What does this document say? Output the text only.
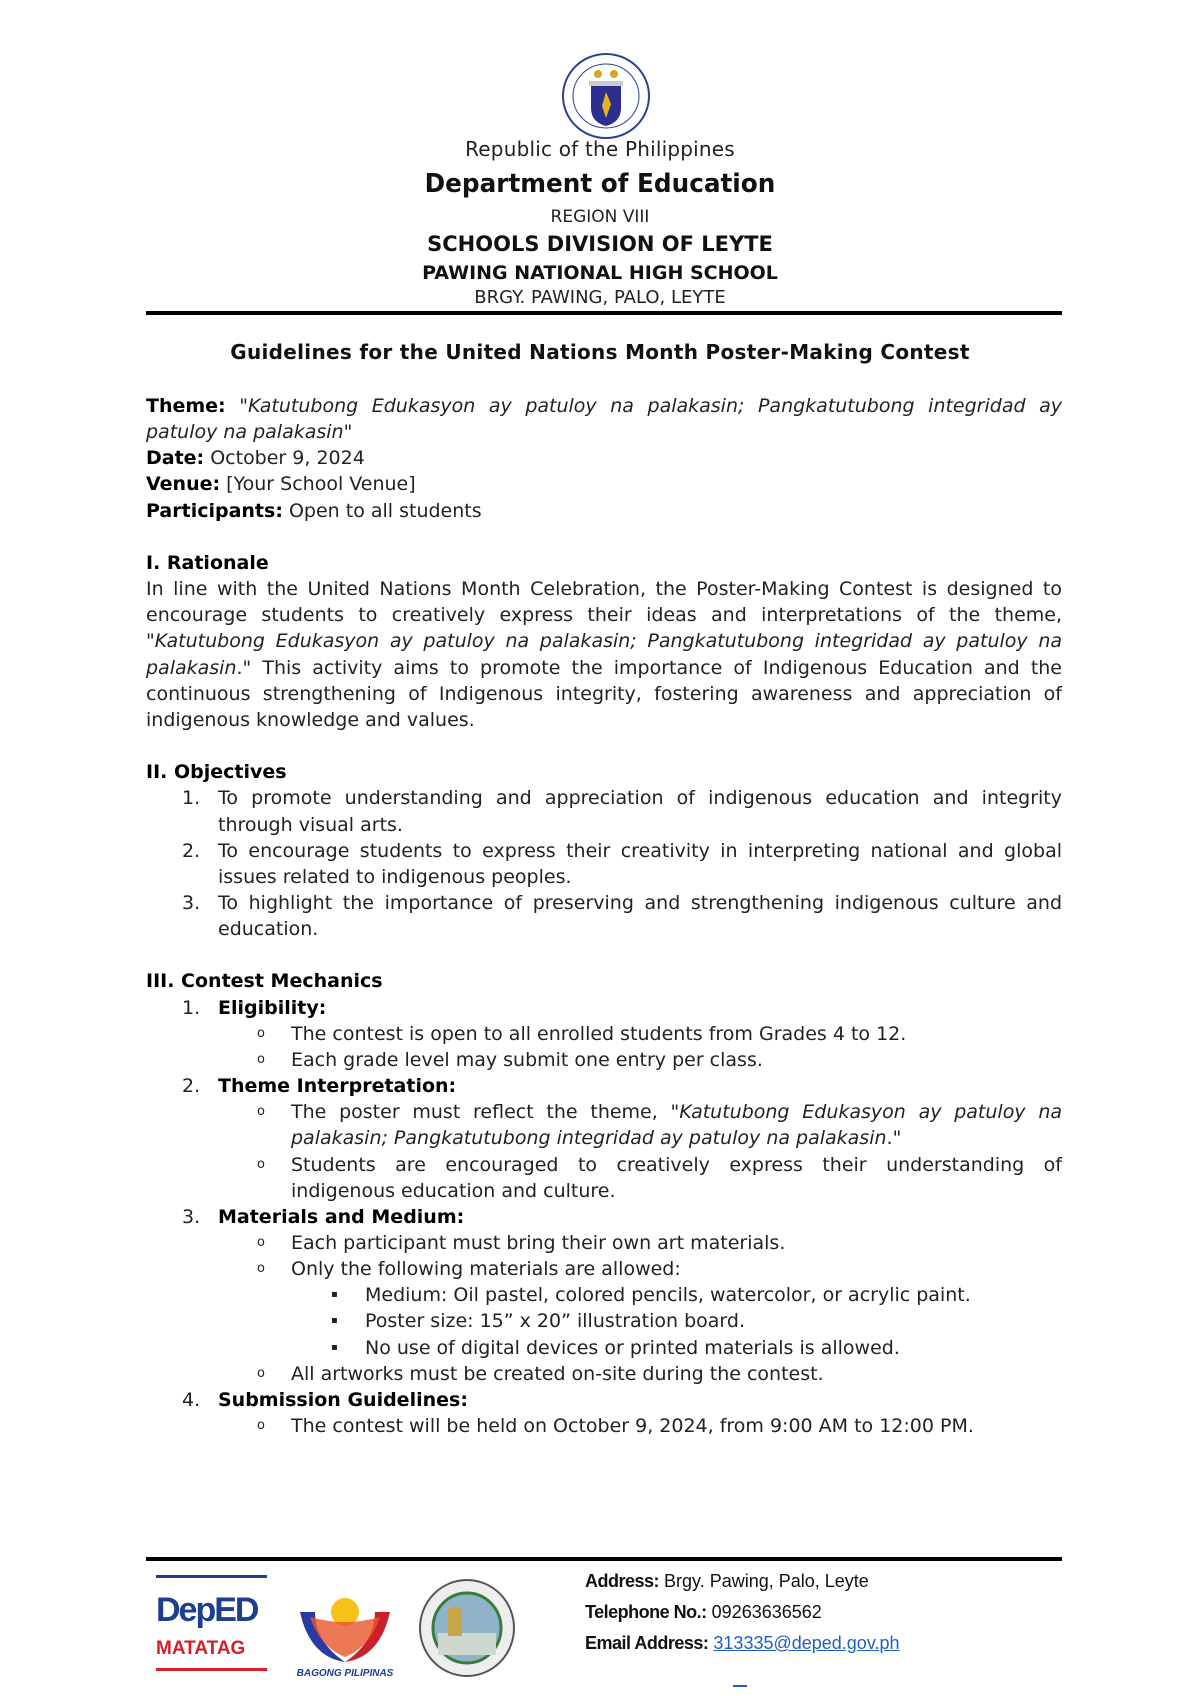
Republic of the Philippines
Department of Education
REGION VIII
SCHOOLS DIVISION OF LEYTE
PAWING NATIONAL HIGH SCHOOL
BRGY. PAWING, PALO, LEYTE
Guidelines for the United Nations Month Poster-Making Contest

Theme: "Katutubong Edukasyon ay patuloy na palakasin; Pangkatutubong integridad ay patuloy na palakasin"

Date: October 9, 2024

Venue: [Your School Venue]

Participants: Open to all students

I. Rationale

In line with the United Nations Month Celebration, the Poster-Making Contest is designed to encourage students to creatively express their ideas and interpretations of the theme, "Katutubong Edukasyon ay patuloy na palakasin; Pangkatutubong integridad ay patuloy na palakasin." This activity aims to promote the importance of Indigenous Education and the continuous strengthening of Indigenous integrity, fostering awareness and appreciation of indigenous knowledge and values.

II. Objectives

1. To promote understanding and appreciation of indigenous education and integrity through visual arts.
2. To encourage students to express their creativity in interpreting national and global issues related to indigenous peoples.
3. To highlight the importance of preserving and strengthening indigenous culture and education.

III. Contest Mechanics

1. Eligibility:
o	The contest is open to all enrolled students from Grades 4 to 12.
o	Each grade level may submit one entry per class.
2. Theme Interpretation:
o	The poster must reflect the theme, "Katutubong Edukasyon ay patuloy na palakasin; Pangkatutubong integridad ay patuloy na palakasin."
o	Students are encouraged to creatively express their understanding of indigenous education and culture.
3. Materials and Medium:
o	Each participant must bring their own art materials.
o	Only the following materials are allowed:
▪	Medium: Oil pastel, colored pencils, watercolor, or acrylic paint.
▪	Poster size: 15” x 20” illustration board.
▪	No use of digital devices or printed materials is allowed.
o	All artworks must be created on-site during the contest.
4. Submission Guidelines:
o	The contest will be held on October 9, 2024, from 9:00 AM to 12:00 PM.
DepED
MATATAG
BAGONG PILIPINAS
Address: Brgy. Pawing, Palo, Leyte
Telephone No.: 09263636562
Email Address: 313335@deped.gov.ph
